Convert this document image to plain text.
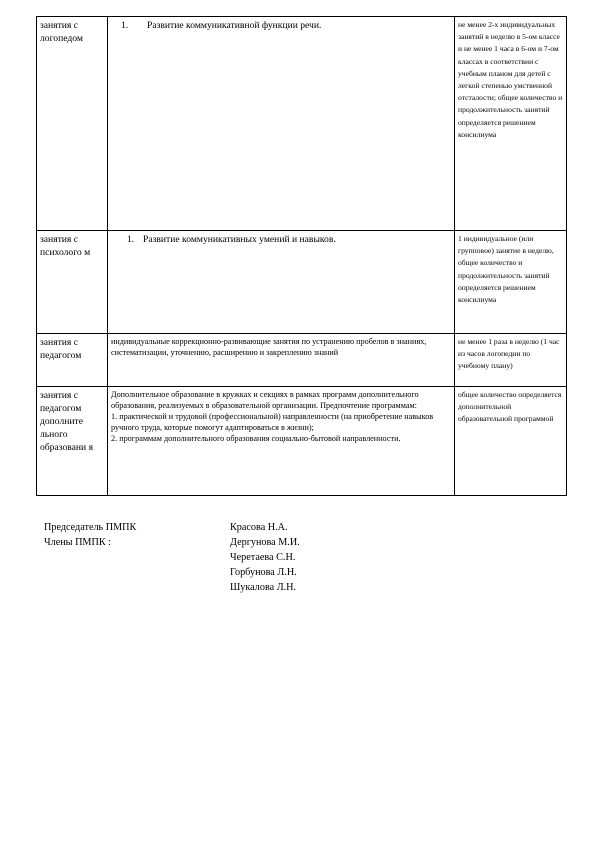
занятия с логопедом	1. Развитие коммуникативной функции речи.	не менее 2-х индивидуальных занятий в неделю в 5-ом классе и не менее 1 часа в 6-ом и 7-ом классах в соответствии с учебным планом для детей с легкой степенью умственной отсталости; общее количество и продолжительность занятий определяется решением консилиума
занятия с психолого м	1. Развитие коммуникативных умений и навыков.	1 индивидуальное (или групповое) занятие в неделю, общее количество и продолжительность занятий определяется решением консилиума
занятия с педагогом	индивидуальные коррекционно-развивающие занятия по устранению пробелов в знаниях, систематизации, уточнению, расширению и закреплению знаний	не менее 1 раза в неделю (1 час из часов логопедии по учебному плану)
занятия с педагогом дополните льного образовани я	Дополнительное образование в кружках и секциях в рамках программ дополнительного образования, реализуемых в образовательной организации. Предпочтение программам:
1. практической и трудовой (профессиональной) направленности (на приобретение навыков ручного труда, которые помогут адаптироваться в жизни);
2. программам дополнительного образования социально-бытовой направленности.	общее количество определяется дополнительной образовательной программой
Председатель ПМПК	Красова Н.А.
Члены ПМПК :	Дергунова М.И.
Черетаева С.Н.
Горбунова Л.Н.
Шукалова Л.Н.
